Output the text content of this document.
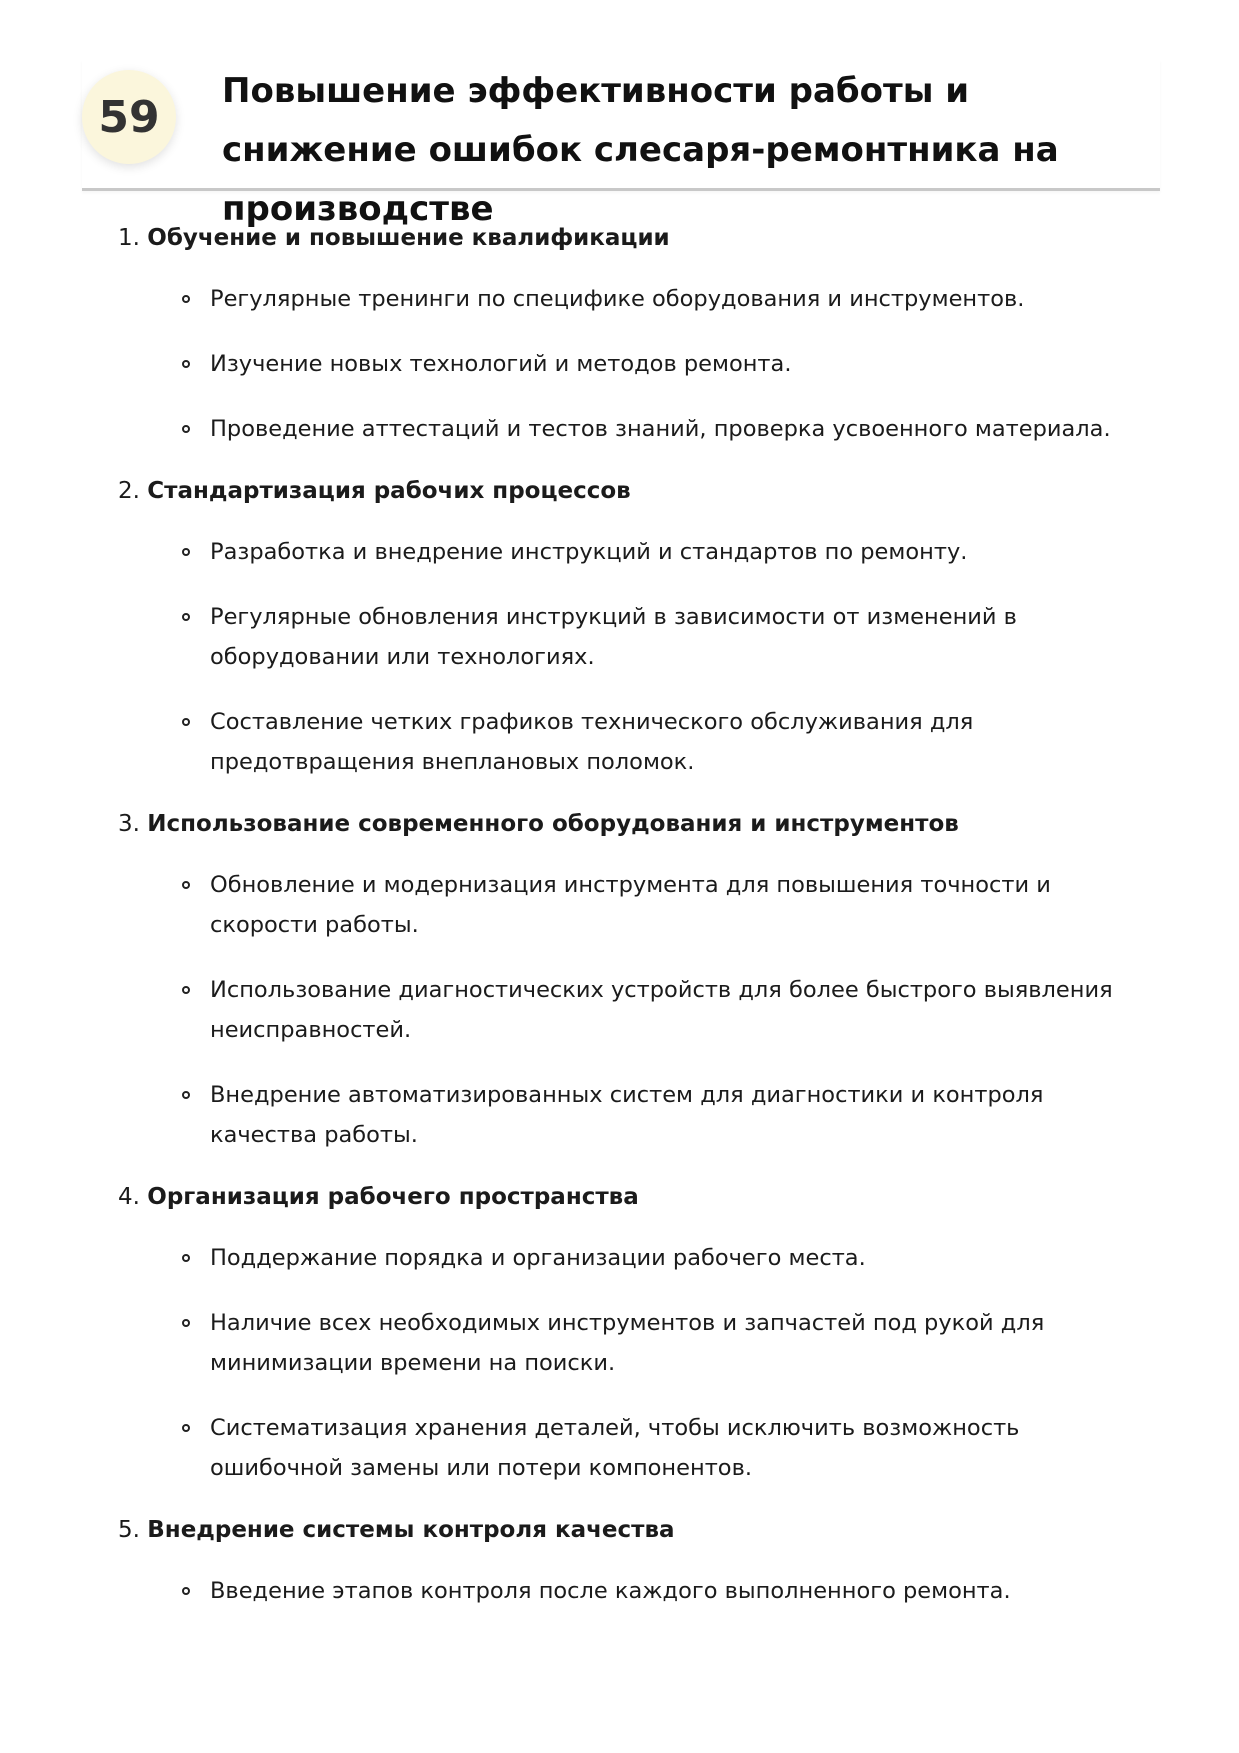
59
Повышение эффективности работы и снижение ошибок слесаря-ремонтника на производстве

1. Обучение и повышение квалификации

Регулярные тренинги по специфике оборудования и инструментов.
Изучение новых технологий и методов ремонта.
Проведение аттестаций и тестов знаний, проверка усвоенного материала.

2. Стандартизация рабочих процессов

Разработка и внедрение инструкций и стандартов по ремонту.
Регулярные обновления инструкций в зависимости от изменений в оборудовании или технологиях.
Составление четких графиков технического обслуживания для предотвращения внеплановых поломок.

3. Использование современного оборудования и инструментов

Обновление и модернизация инструмента для повышения точности и скорости работы.
Использование диагностических устройств для более быстрого выявления неисправностей.
Внедрение автоматизированных систем для диагностики и контроля качества работы.

4. Организация рабочего пространства

Поддержание порядка и организации рабочего места.
Наличие всех необходимых инструментов и запчастей под рукой для минимизации времени на поиски.
Систематизация хранения деталей, чтобы исключить возможность ошибочной замены или потери компонентов.

5. Внедрение системы контроля качества

Введение этапов контроля после каждого выполненного ремонта.
